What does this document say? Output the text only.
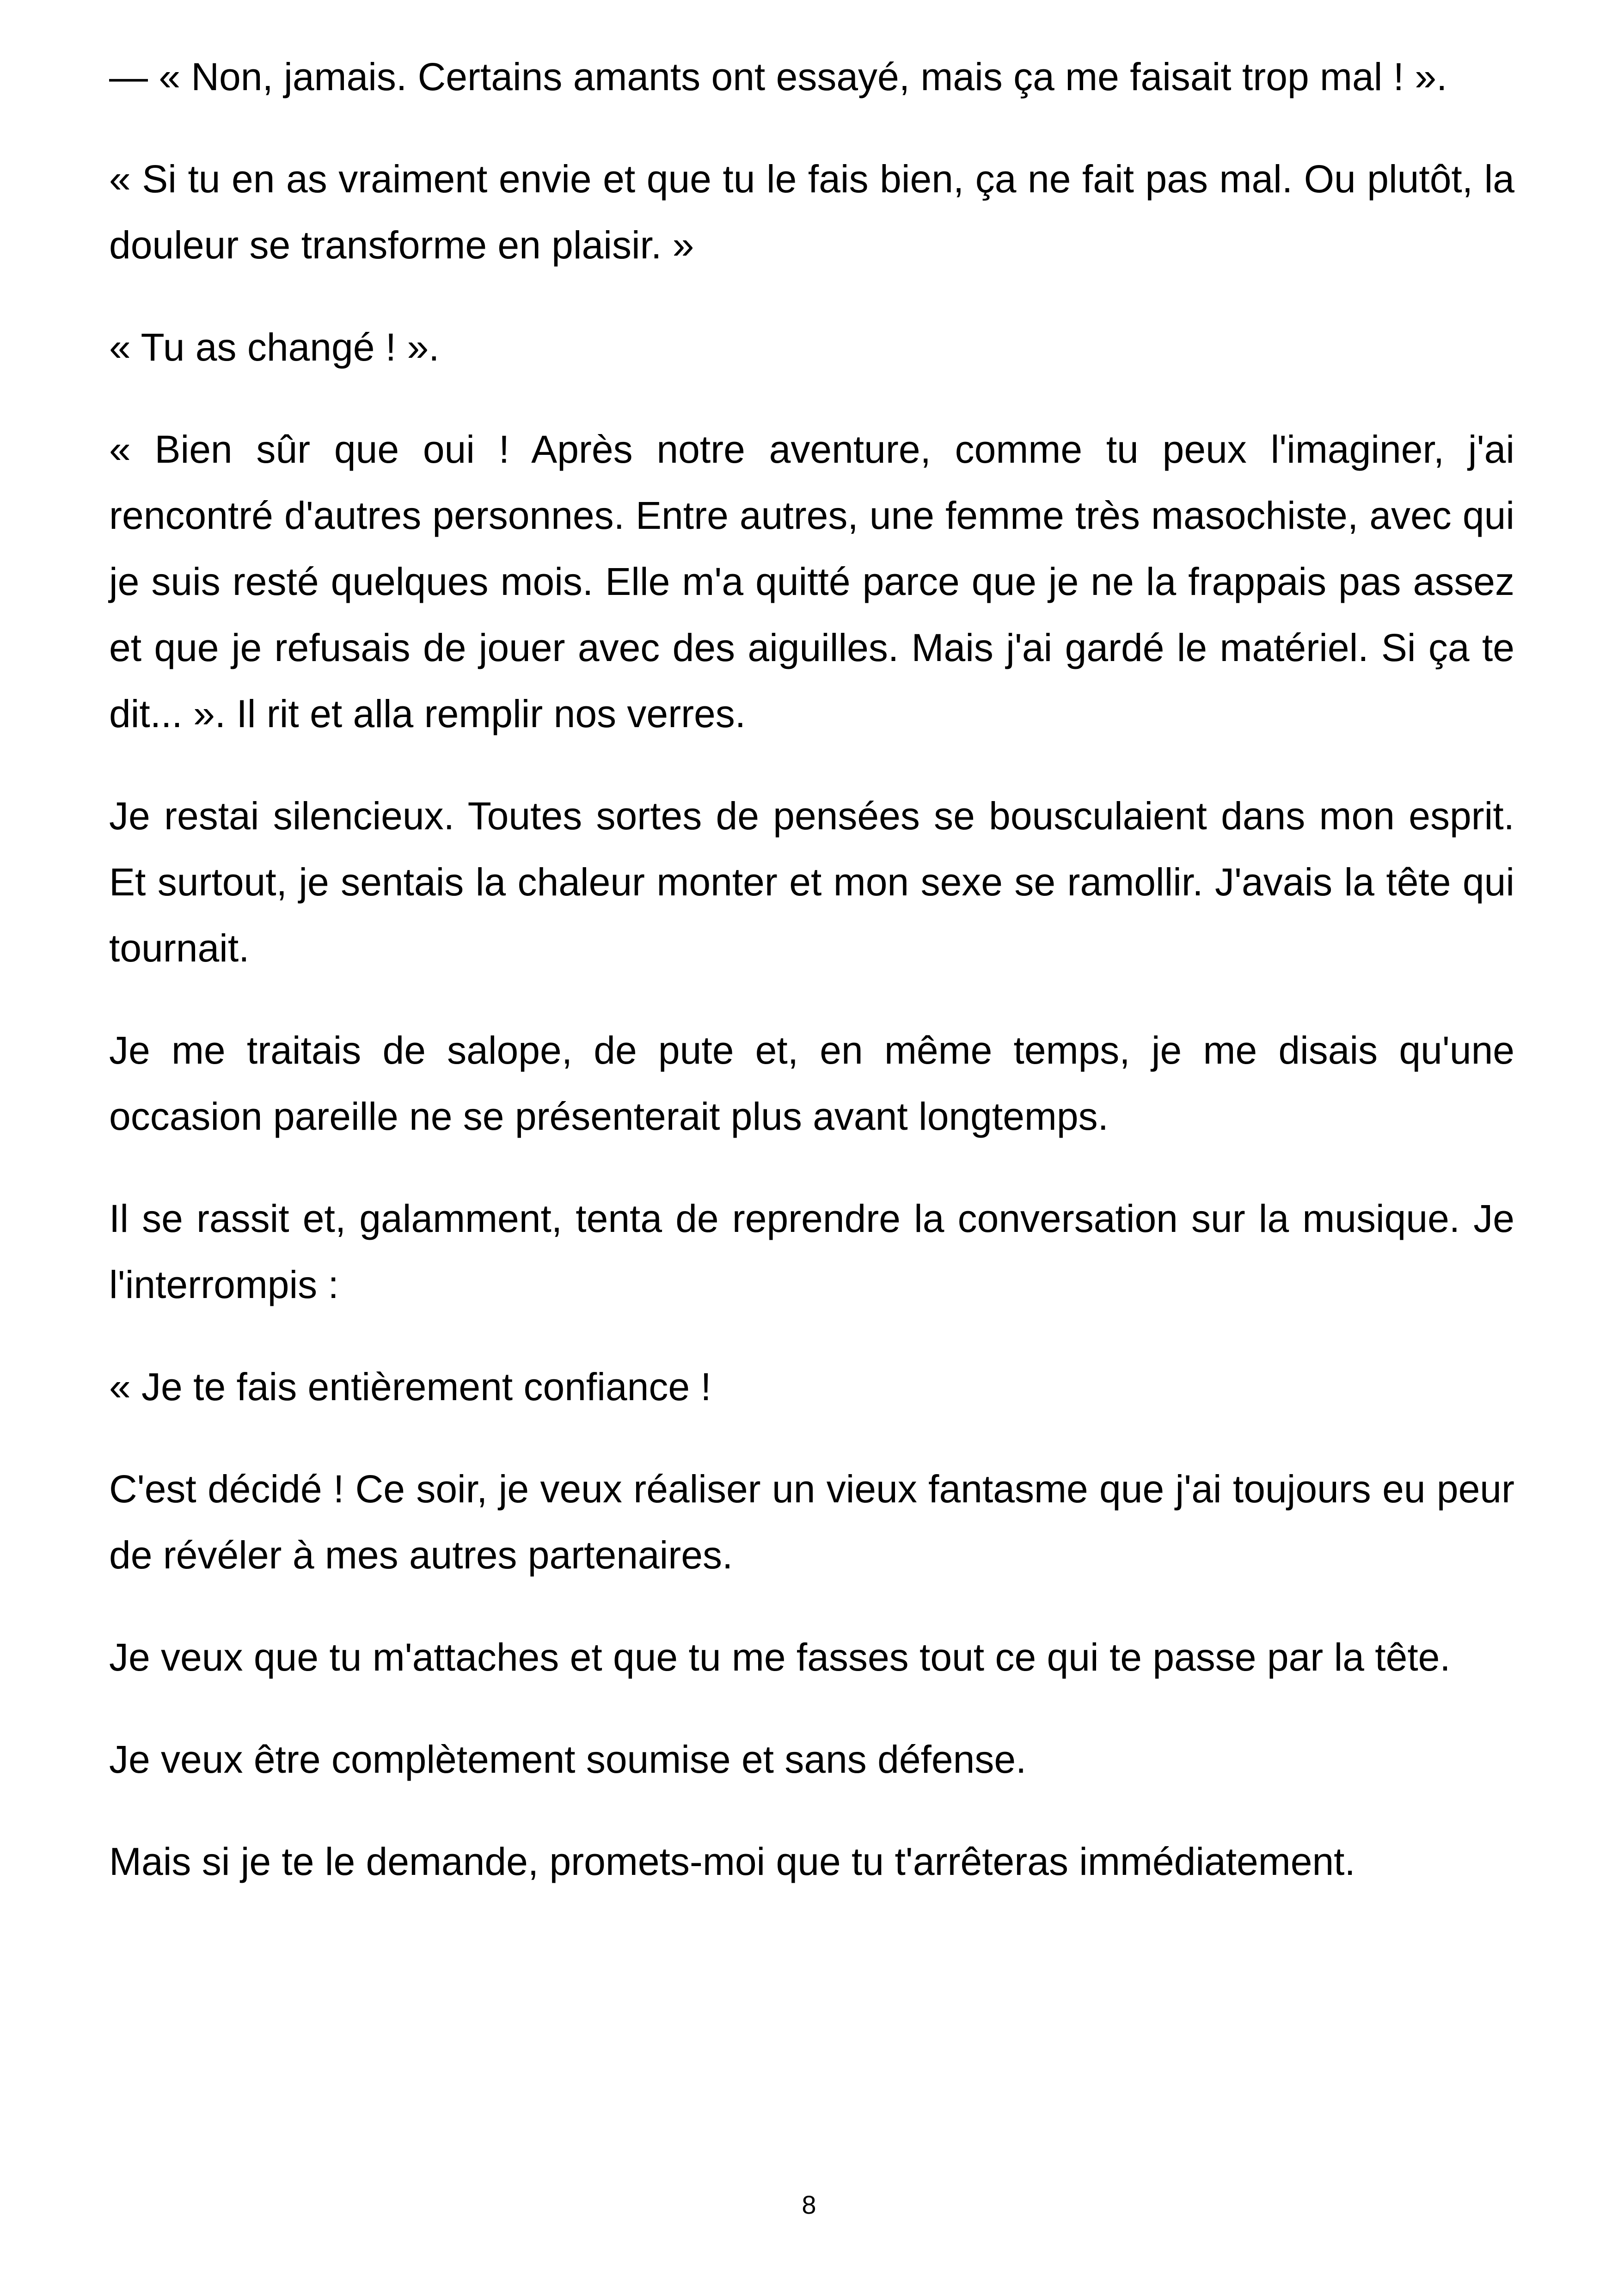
— « Non, jamais. Certains amants ont essayé, mais ça me faisait trop mal ! ».

« Si tu en as vraiment envie et que tu le fais bien, ça ne fait pas mal. Ou plutôt, la douleur se transforme en plaisir. »

« Tu as changé ! ».

« Bien sûr que oui ! Après notre aventure, comme tu peux l'imaginer, j'ai rencontré d'autres personnes. Entre autres, une femme très masochiste, avec qui je suis resté quelques mois. Elle m'a quitté parce que je ne la frappais pas assez et que je refusais de jouer avec des aiguilles. Mais j'ai gardé le matériel. Si ça te dit... ». Il rit et alla remplir nos verres.

Je restai silencieux. Toutes sortes de pensées se bousculaient dans mon esprit. Et surtout, je sentais la chaleur monter et mon sexe se ramollir. J'avais la tête qui tournait.

Je me traitais de salope, de pute et, en même temps, je me disais qu'une occasion pareille ne se présenterait plus avant longtemps.

Il se rassit et, galamment, tenta de reprendre la conversation sur la musique. Je l'interrompis :

« Je te fais entièrement confiance !

C'est décidé ! Ce soir, je veux réaliser un vieux fantasme que j'ai toujours eu peur de révéler à mes autres partenaires.

Je veux que tu m'attaches et que tu me fasses tout ce qui te passe par la tête.

Je veux être complètement soumise et sans défense.

Mais si je te le demande, promets-moi que tu t'arrêteras immédiatement.

8
